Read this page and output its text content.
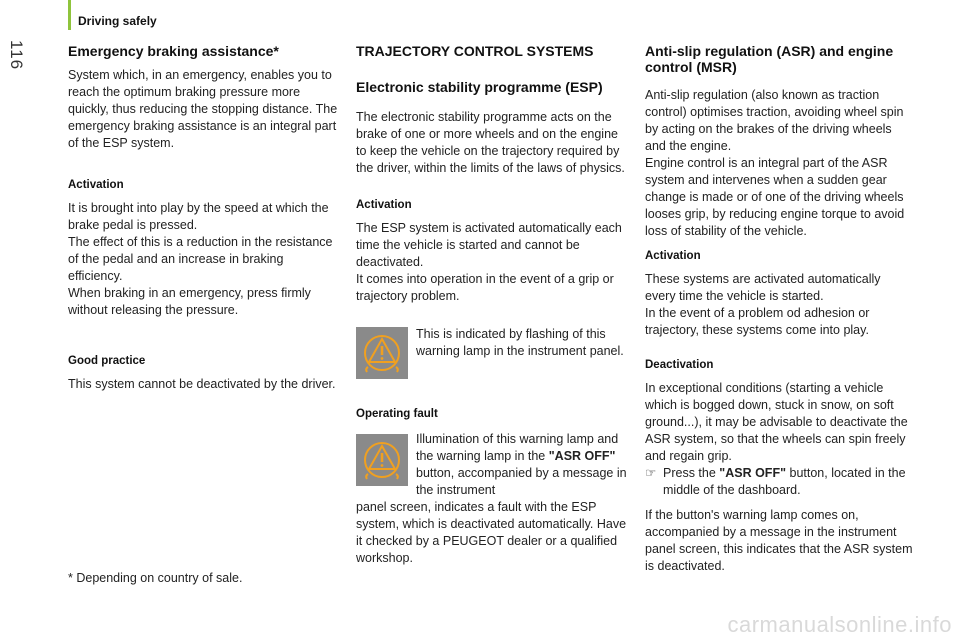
Driving safely
116	Emergency braking assistance*

System which, in an emergency, enables you to reach the optimum braking pressure more quickly, thus reducing the stopping distance. The emergency braking assistance is an integral part of the ESP system.

Activation

It is brought into play by the speed at which the brake pedal is pressed.

The effect of this is a reduction in the resistance of the pedal and an increase in braking efficiency.

When braking in an emergency, press firmly without releasing the pressure.

Good practice

This system cannot be deactivated by the driver.

* Depending on country of sale.

TRAJECTORY CONTROL SYSTEMS

Electronic stability programme (ESP)

The electronic stability programme acts on the brake of one or more wheels and on the engine to keep the vehicle on the trajectory required by the driver, within the limits of the laws of physics.

Activation

The ESP system is activated automatically each time the vehicle is started and cannot be deactivated.

It comes into operation in the event of a grip or trajectory problem.

This is indicated by flashing of this warning lamp in the instrument panel.
Operating fault
Illumination of this warning lamp and the warning lamp in the "ASR OFF" button, accompanied by a message in the instrument
panel screen, indicates a fault with the ESP system, which is deactivated automatically. Have it checked by a PEUGEOT dealer or a qualified workshop.

Anti-slip regulation (ASR) and engine control (MSR)

Anti-slip regulation (also known as traction control) optimises traction, avoiding wheel spin by acting on the brakes of the driving wheels and the engine.

Engine control is an integral part of the ASR system and intervenes when a sudden gear change is made or of one of the driving wheels looses grip, by reducing engine torque to avoid loss of stability of the vehicle.

Activation

These systems are activated automatically every time the vehicle is started.

In the event of a problem od adhesion or trajectory, these systems come into play.

Deactivation

In exceptional conditions (starting a vehicle which is bogged down, stuck in snow, on soft ground...), it may be advisable to deactivate the ASR system, so that the wheels can spin freely and regain grip.

☞ Press the "ASR OFF" button, located in the middle of the dashboard.

If the button's warning lamp comes on, accompanied by a message in the instrument panel screen, this indicates that the ASR system is deactivated.

carmanualsonline.info
